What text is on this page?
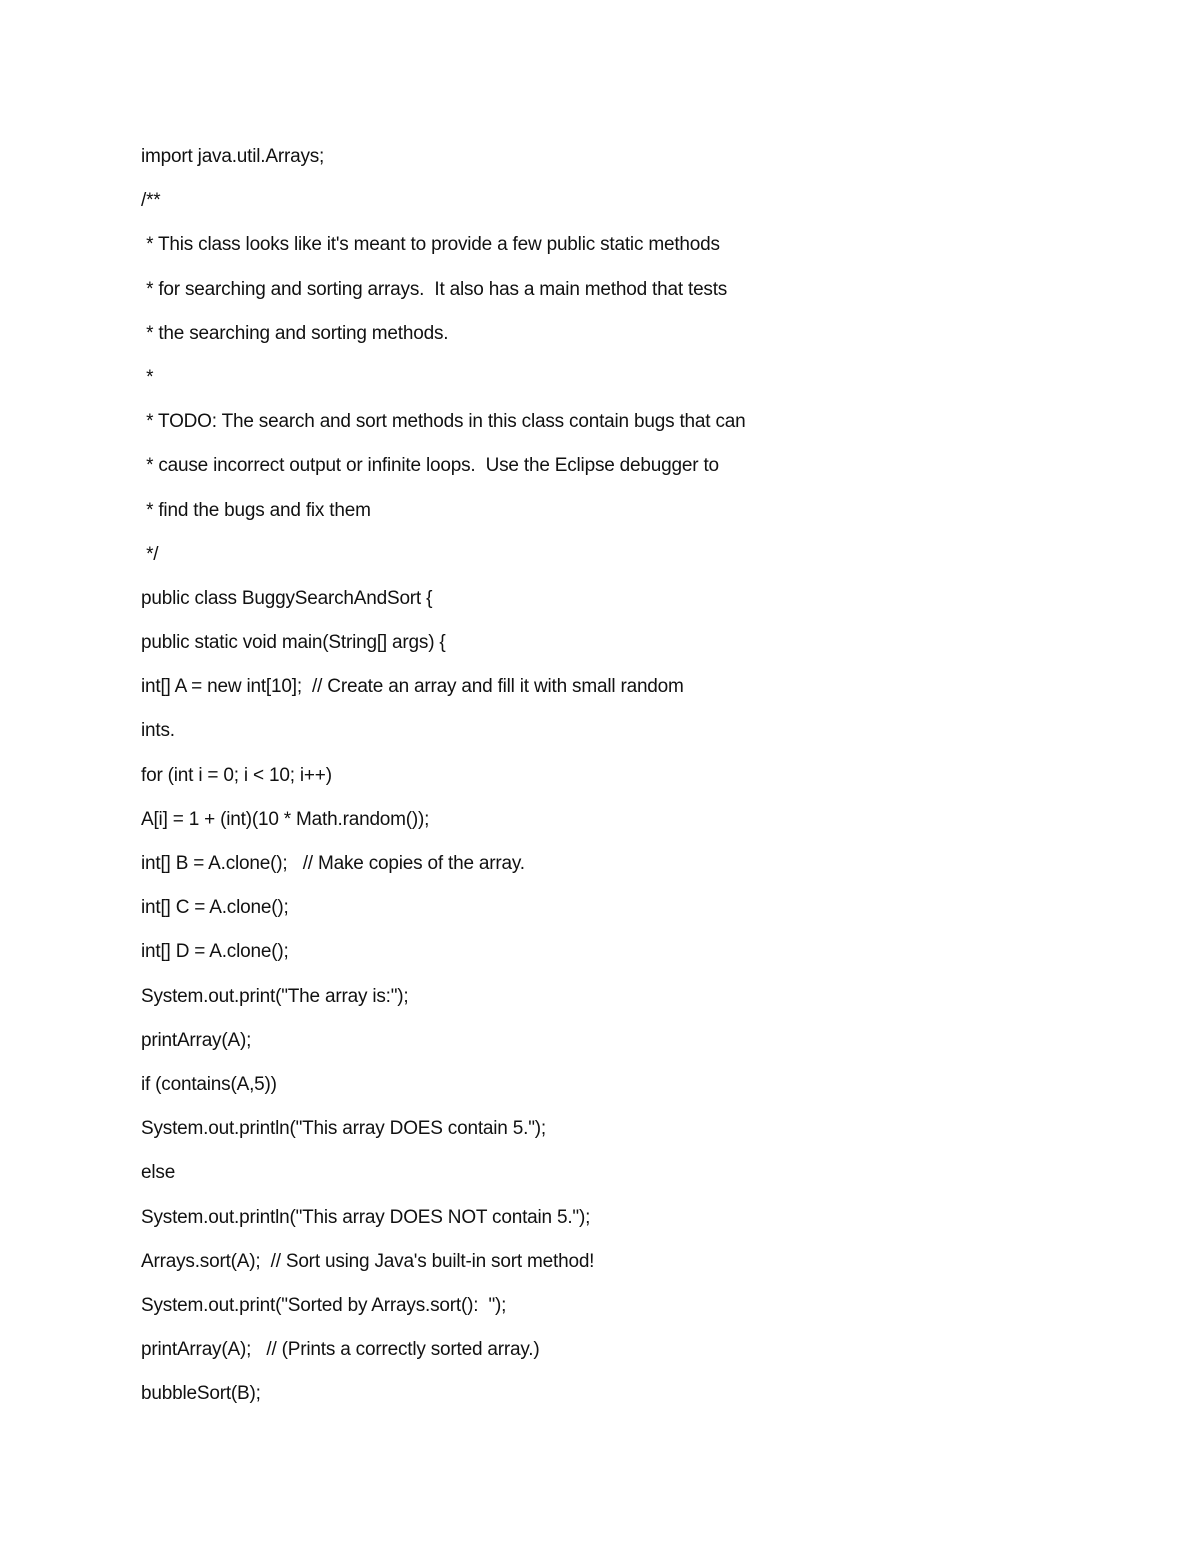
import java.util.Arrays;
/**
* This class looks like it's meant to provide a few public static methods
* for searching and sorting arrays.  It also has a main method that tests
* the searching and sorting methods.
*
* TODO: The search and sort methods in this class contain bugs that can
* cause incorrect output or infinite loops.  Use the Eclipse debugger to
* find the bugs and fix them
*/
public class BuggySearchAndSort {
public static void main(String[] args) {
int[] A = new int[10];  // Create an array and fill it with small random
ints.
for (int i = 0; i < 10; i++)
A[i] = 1 + (int)(10 * Math.random());
int[] B = A.clone();   // Make copies of the array.
int[] C = A.clone();
int[] D = A.clone();
System.out.print("The array is:");
printArray(A);
if (contains(A,5))
System.out.println("This array DOES contain 5.");
else
System.out.println("This array DOES NOT contain 5.");
Arrays.sort(A);  // Sort using Java's built-in sort method!
System.out.print("Sorted by Arrays.sort():  ");
printArray(A);   // (Prints a correctly sorted array.)
bubbleSort(B);
